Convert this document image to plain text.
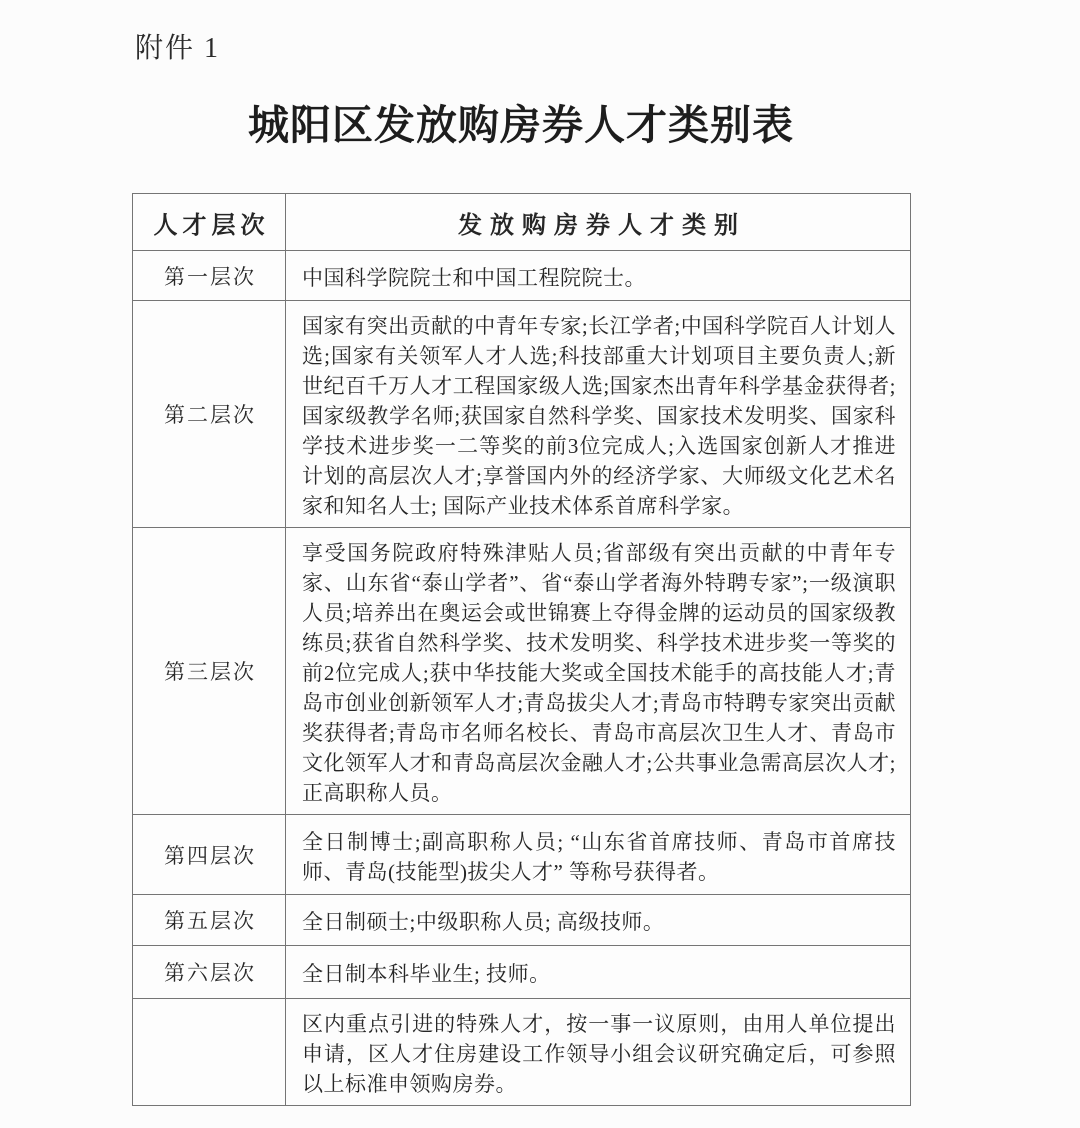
附件 1
城阳区发放购房券人才类别表
人才层次	发放购房券人才类别
第一层次	中国科学院院士和中国工程院院士。
第二层次	国家有突出贡献的中青年专家;长江学者;中国科学院百人计划人选;国家有关领军人才人选;科技部重大计划项目主要负责人;新世纪百千万人才工程国家级人选;国家杰出青年科学基金获得者;国家级教学名师;获国家自然科学奖、国家技术发明奖、国家科学技术进步奖一二等奖的前3位完成人;入选国家创新人才推进计划的高层次人才;享誉国内外的经济学家、大师级文化艺术名家和知名人士; 国际产业技术体系首席科学家。
第三层次	享受国务院政府特殊津贴人员;省部级有突出贡献的中青年专家、山东省“泰山学者”、省“泰山学者海外特聘专家”;一级演职人员;培养出在奥运会或世锦赛上夺得金牌的运动员的国家级教练员;获省自然科学奖、技术发明奖、科学技术进步奖一等奖的前2位完成人;获中华技能大奖或全国技术能手的高技能人才;青岛市创业创新领军人才;青岛拔尖人才;青岛市特聘专家突出贡献奖获得者;青岛市名师名校长、青岛市高层次卫生人才、青岛市文化领军人才和青岛高层次金融人才;公共事业急需高层次人才;正高职称人员。
第四层次	全日制博士;副高职称人员; “山东省首席技师、青岛市首席技师、青岛(技能型)拔尖人才” 等称号获得者。
第五层次	全日制硕士;中级职称人员; 高级技师。
第六层次	全日制本科毕业生; 技师。
	区内重点引进的特殊人才，按一事一议原则，由用人单位提出申请，区人才住房建设工作领导小组会议研究确定后，可参照以上标准申领购房券。
